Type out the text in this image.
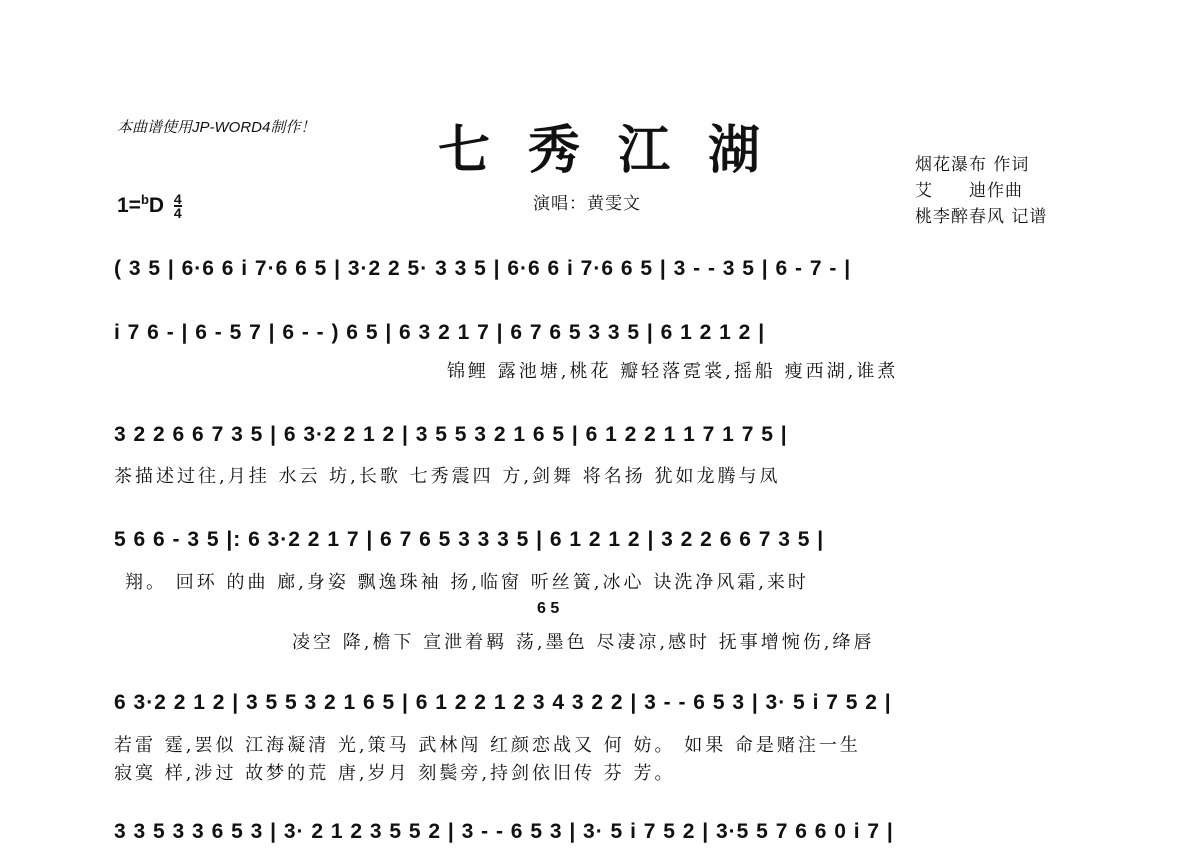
本曲谱使用JP-WORD4制作！ 七秀江湖	烟花瀑布 作词
艾　　迪作曲
桃李醉春风 记谱
演唱：黄雯文
$1=^bD \frac{4}{4}$
( 3 5 | 6·6 6 i 7·6 6 5 | 3·2 2 5· 3 3 5 | 6·6 6 i 7·6 6 5 | 3 - - 3 5 | 6 - 7 - |
i 7 6 - | 6 - 5 7 | 6 - - ) 6 5 | 6 3 2 1 7 | 6 7 6 5 3 3 5 | 6 1 2 1 2 |
锦鲤 露池塘,桃花 瓣轻落霓裳,摇船 瘦西湖,谁煮
3 2 2 6 6 7 3 5 | 6 3·2 2 1 2 | 3 5 5 3 2 1 6 5 | 6 1 2 2 1 1 7 1 7 5 |
茶描述过往,月挂 水云 坊,长歌 七秀震四 方,剑舞 将名扬 犹如龙腾与凤
5 6 6 - 3 5 |: 6 3·2 2 1 7 | 6 7 6 5 3 3 3 5 | 6 1 2 1 2 | 3 2 2 6 6 7 3 5 |
翔。 回环 的曲 廊,身姿 飘逸珠袖 扬,临窗 听丝簧,冰心 诀洗净风霜,来时
6 5
凌空 降,檐下 宣泄着羁 荡,墨色 尽凄凉,感时 抚事增惋伤,绛唇
6 3·2 2 1 2 | 3 5 5 3 2 1 6 5 | 6 1 2 2 1 2 3 4 3 2 2 | 3 - - 6 5 3 | 3· 5 i 7 5 2 |
若雷 霆,罢似 江海凝清 光,策马 武林闯 红颜恋战又 何 妨。 如果 命是赌注一生
寂寞 样,涉过 故梦的荒 唐,岁月 刻鬓旁,持剑依旧传 芬 芳。
3 3 5 3 3 6 5 3 | 3· 2 1 2 3 5 5 2 | 3 - - 6 5 3 | 3· 5 i 7 5 2 | 3·5 5 7 6 6 0 i 7 |
